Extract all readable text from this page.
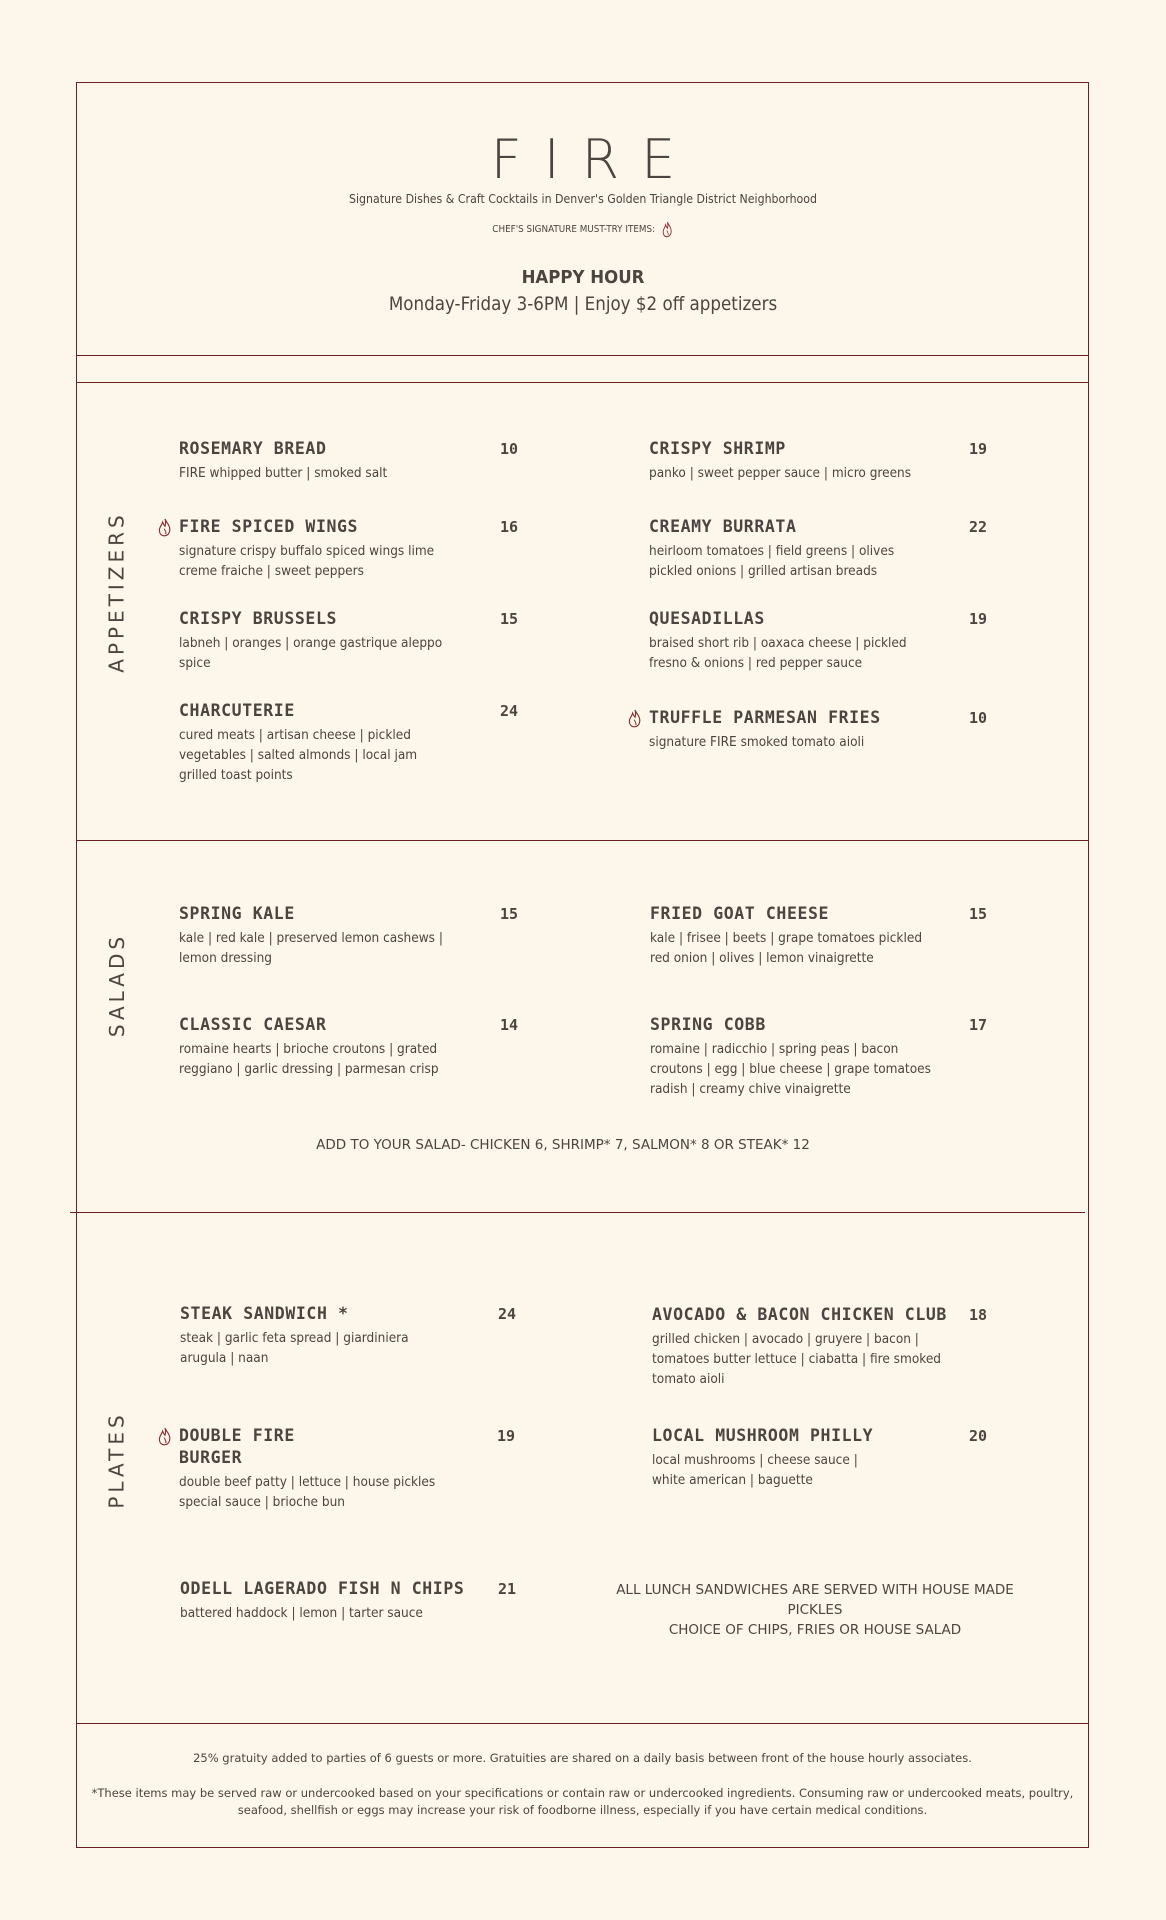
FIRE
Signature Dishes & Craft Cocktails in Denver's Golden Triangle District Neighborhood
CHEF'S SIGNATURE MUST-TRY ITEMS:
HAPPY HOUR
Monday-Friday 3-6PM | Enjoy $2 off appetizers
APPETIZERS
ROSEMARY BREAD	10
FIRE whipped butter | smoked salt
FIRE SPICED WINGS	16
signature crispy buffalo spiced wings lime creme fraiche | sweet peppers
CRISPY BRUSSELS	15
labneh | oranges | orange gastrique aleppo spice
CHARCUTERIE	24
cured meats | artisan cheese | pickled vegetables | salted almonds | local jam grilled toast points
CRISPY SHRIMP	19
panko | sweet pepper sauce | micro greens
CREAMY BURRATA	22
heirloom tomatoes | field greens | olives pickled onions | grilled artisan breads
QUESADILLAS	19
braised short rib | oaxaca cheese | pickled fresno & onions | red pepper sauce
TRUFFLE PARMESAN FRIES	10
signature FIRE smoked tomato aioli
SALADS
SPRING KALE	15
kale | red kale | preserved lemon cashews | lemon dressing
CLASSIC CAESAR	14
romaine hearts | brioche croutons | grated reggiano | garlic dressing | parmesan crisp
FRIED GOAT CHEESE	15
kale | frisee | beets | grape tomatoes pickled red onion | olives | lemon vinaigrette
SPRING COBB	17
romaine | radicchio | spring peas | bacon croutons | egg | blue cheese | grape tomatoes radish | creamy chive vinaigrette
ADD TO YOUR SALAD- CHICKEN 6, SHRIMP* 7, SALMON* 8 OR STEAK* 12
PLATES
STEAK SANDWICH *	24
steak | garlic feta spread | giardiniera arugula | naan
DOUBLE FIRE
BURGER
19
double beef patty | lettuce | house pickles special sauce | brioche bun
ODELL LAGERADO FISH N CHIPS	21
battered haddock | lemon | tarter sauce
AVOCADO & BACON CHICKEN CLUB	18
grilled chicken | avocado | gruyere | bacon | tomatoes butter lettuce | ciabatta | fire smoked tomato aioli
LOCAL MUSHROOM PHILLY	20
local mushrooms | cheese sauce | white american | baguette
ALL LUNCH SANDWICHES ARE SERVED WITH HOUSE MADE PICKLES
CHOICE OF CHIPS, FRIES OR HOUSE SALAD
25% gratuity added to parties of 6 guests or more. Gratuities are shared on a daily basis between front of the house hourly associates.
*These items may be served raw or undercooked based on your specifications or contain raw or undercooked ingredients. Consuming raw or undercooked meats, poultry, seafood, shellfish or eggs may increase your risk of foodborne illness, especially if you have certain medical conditions.
